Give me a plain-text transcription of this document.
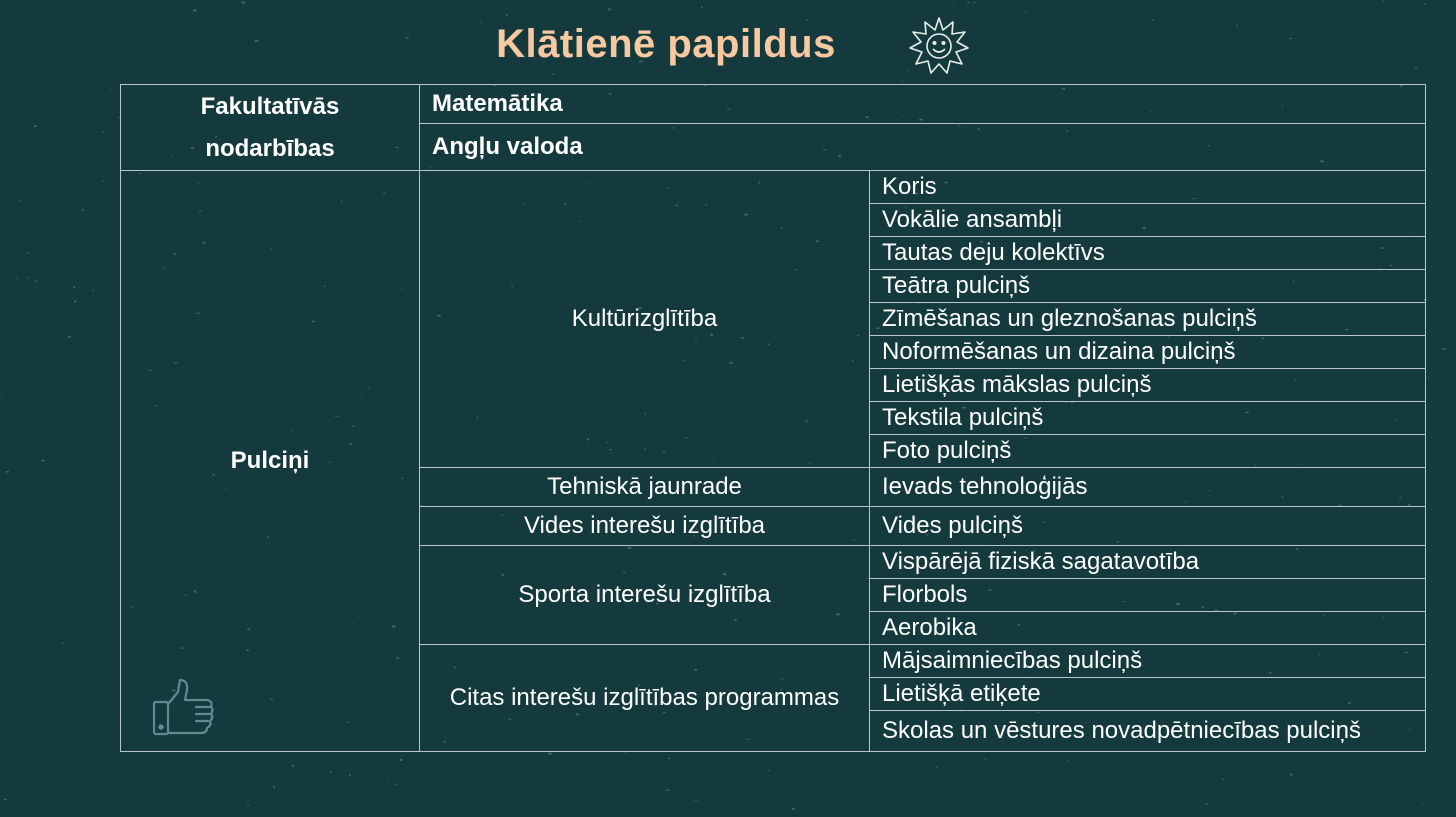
Klātienē papildus
Fakultatīvās nodarbības	Matemātika	
	Angļu valoda	
Pulciņi	Kultūrizglītība	Koris
		Vokālie ansambļi
		Tautas deju kolektīvs
		Teātra pulciņš
		Zīmēšanas un gleznošanas pulciņš
		Noformēšanas un dizaina pulciņš
		Lietišķās mākslas pulciņš
		Tekstila pulciņš
		Foto pulciņš
	Tehniskā jaunrade	Ievads tehnoloģijās
	Vides interešu izglītība	Vides pulciņš
	Sporta interešu izglītība	Vispārējā fiziskā sagatavotība
		Florbols
		Aerobika
	Citas interešu izglītības programmas	Mājsaimniecības pulciņš
		Lietišķā etiķete
		Skolas un vēstures novadpētniecības pulciņš
